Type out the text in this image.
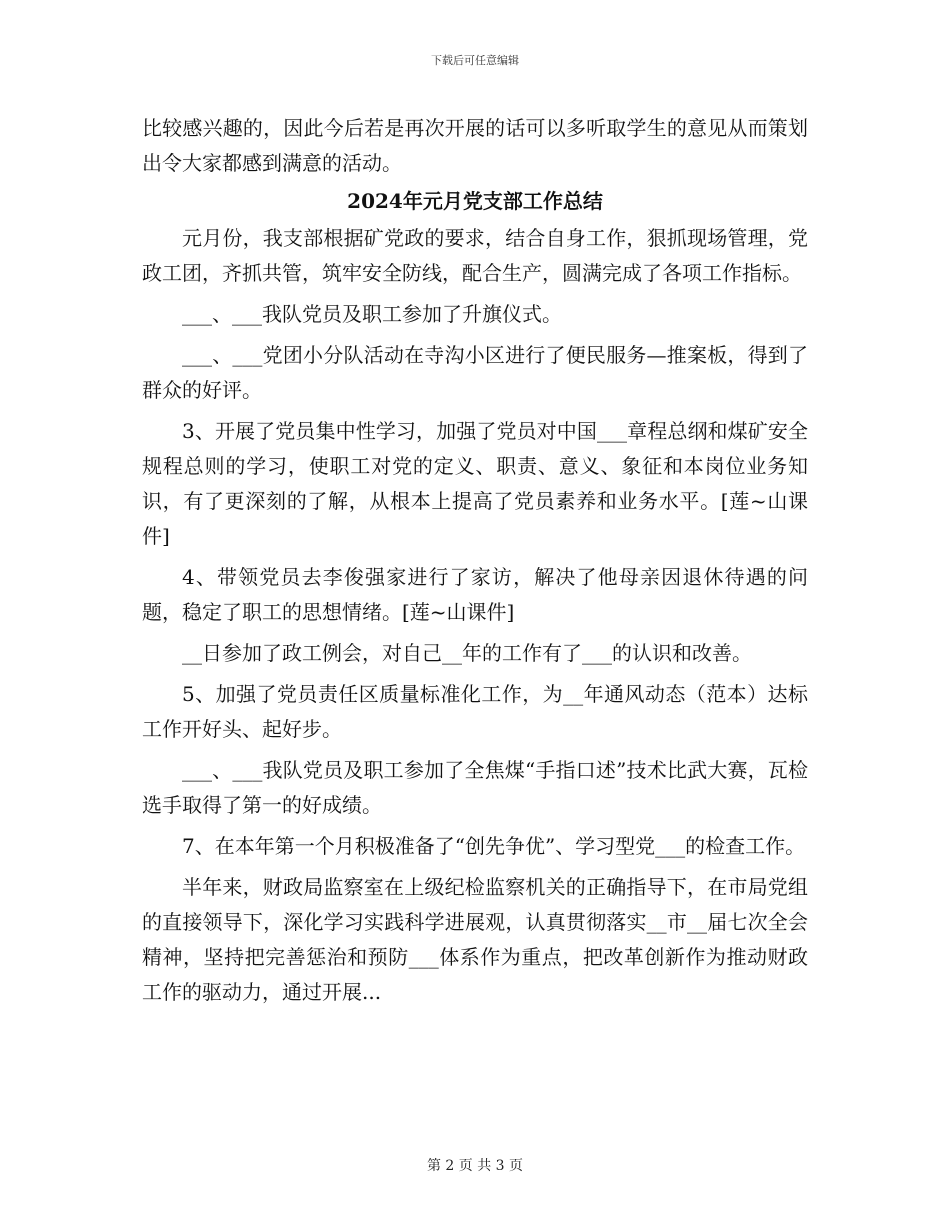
下载后可任意编辑

比较感兴趣的，因此今后若是再次开展的话可以多听取学生的意见从而策划出令大家都感到满意的活动。

2024年元月党支部工作总结

元月份，我支部根据矿党政的要求，结合自身工作，狠抓现场管理，党政工团，齐抓共管，筑牢安全防线，配合生产，圆满完成了各项工作指标。

___、___我队党员及职工参加了升旗仪式。

___、___党团小分队活动在寺沟小区进行了便民服务—推案板，得到了群众的好评。

3、开展了党员集中性学习，加强了党员对中国___章程总纲和煤矿安全规程总则的学习，使职工对党的定义、职责、意义、象征和本岗位业务知识，有了更深刻的了解，从根本上提高了党员素养和业务水平。[莲~山课件]

4、带领党员去李俊强家进行了家访，解决了他母亲因退休待遇的问题，稳定了职工的思想情绪。[莲~山课件]

__日参加了政工例会，对自己__年的工作有了___的认识和改善。

5、加强了党员责任区质量标准化工作，为__年通风动态（范本）达标工作开好头、起好步。

___、___我队党员及职工参加了全焦煤“手指口述”技术比武大赛，瓦检选手取得了第一的好成绩。

7、在本年第一个月积极准备了“创先争优”、学习型党___的检查工作。

半年来，财政局监察室在上级纪检监察机关的正确指导下，在市局党组的直接领导下，深化学习实践科学进展观，认真贯彻落实__市__届七次全会精神，坚持把完善惩治和预防___体系作为重点，把改革创新作为推动财政工作的驱动力，通过开展...

第 2 页 共 3 页
